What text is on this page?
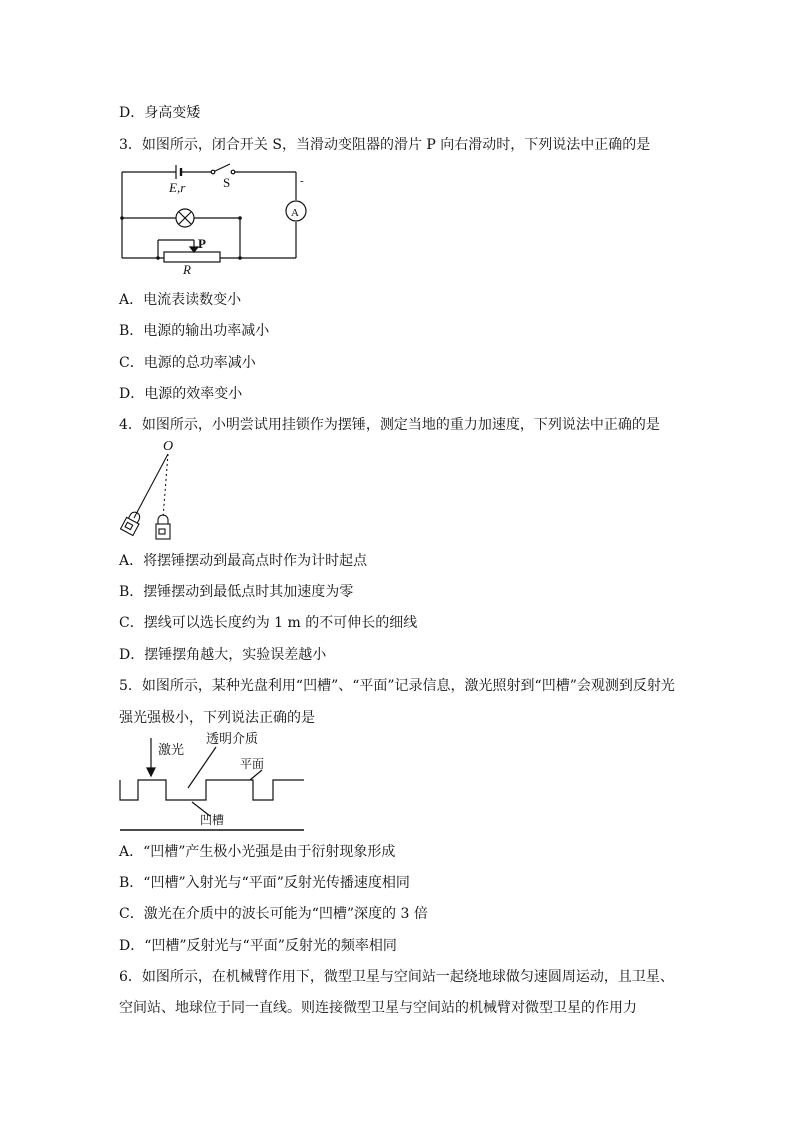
D．身高变矮
3．如图所示，闭合开关 S，当滑动变阻器的滑片 P 向右滑动时，下列说法中正确的是
E,r	S
A
-
P
R
A．电流表读数变小
B．电源的输出功率减小
C．电源的总功率减小
D．电源的效率变小
4．如图所示，小明尝试用挂锁作为摆锤，测定当地的重力加速度，下列说法中正确的是
O
A．将摆锤摆动到最高点时作为计时起点
B．摆锤摆动到最低点时其加速度为零
C．摆线可以选长度约为 1 m 的不可伸长的细线
D．摆锤摆角越大，实验误差越小
5．如图所示，某种光盘利用“凹槽”、“平面”记录信息，激光照射到“凹槽”会观测到反射光
强光强极小，下列说法正确的是
激光
透明介质
平面
凹槽
A．“凹槽”产生极小光强是由于衍射现象形成
B．“凹槽”入射光与“平面”反射光传播速度相同
C．激光在介质中的波长可能为“凹槽”深度的 3 倍
D．“凹槽”反射光与“平面”反射光的频率相同
6．如图所示，在机械臂作用下，微型卫星与空间站一起绕地球做匀速圆周运动，且卫星、
空间站、地球位于同一直线。则连接微型卫星与空间站的机械臂对微型卫星的作用力
